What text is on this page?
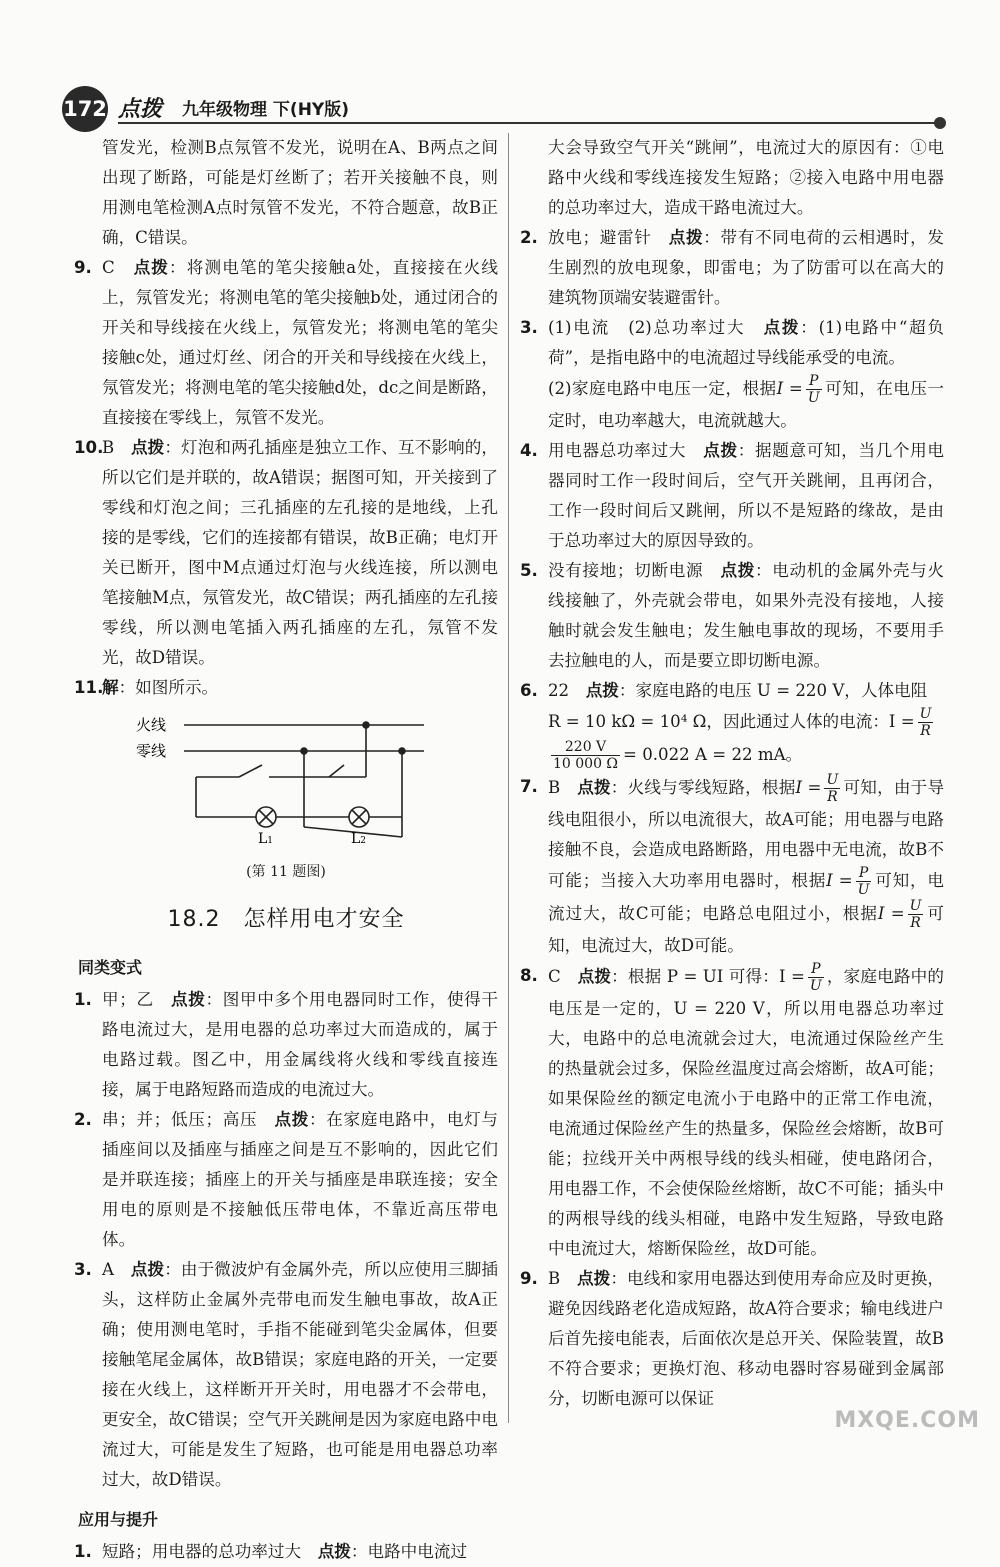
172 点拨 九年级物理 下(HY版)
管发光，检测B点氖管不发光，说明在A、B两点之间出现了断路，可能是灯丝断了；若开关接触不良，则用测电笔检测A点时氖管不发光，不符合题意，故B正确，C错误。
9. C　 点拨：将测电笔的笔尖接触a处，直接接在火线上，氖管发光；将测电笔的笔尖接触b处，通过闭合的开关和导线接在火线上，氖管发光；将测电笔的笔尖接触c处，通过灯丝、闭合的开关和导线接在火线上，氖管发光；将测电笔的笔尖接触d处，dc之间是断路，直接接在零线上，氖管不发光。
10.
B　 点拨：灯泡和两孔插座是独立工作、互不影响的，所以它们是并联的，故A错误；据图可知，开关接到了零线和灯泡之间；三孔插座的左孔接的是地线，上孔接的是零线，它们的连接都有错误，故B正确；电灯开关已断开，图中M点通过灯泡与火线连接，所以测电笔接触M点，氖管发光，故C错误；两孔插座的左孔接零线，所以测电笔插入两孔插座的左孔，氖管不发光，故D错误。
11.
解：如图所示。
火线
零线
L1	L2
(第 11 题图)
18.2　怎样用电才安全
同类变式
1. 甲；乙　 点拨：图甲中多个用电器同时工作，使得干路电流过大，是用电器的总功率过大而造成的，属于电路过载。图乙中，用金属线将火线和零线直接连接，属于电路短路而造成的电流过大。
2. 串；并；低压；高压　 点拨：在家庭电路中，电灯与插座间以及插座与插座之间是互不影响的，因此它们是并联连接；插座上的开关与插座是串联连接；安全用电的原则是不接触低压带电体，不靠近高压带电体。
3. A　 点拨：由于微波炉有金属外壳，所以应使用三脚插头，这样防止金属外壳带电而发生触电事故，故A正确；使用测电笔时，手指不能碰到笔尖金属体，但要接触笔尾金属体，故B错误；家庭电路的开关，一定要接在火线上，这样断开开关时，用电器才不会带电，更安全，故C错误；空气开关跳闸是因为家庭电路中电流过大，可能是发生了短路，也可能是用电器总功率过大，故D错误。
应用与提升
1. 短路；用电器的总功率过大　 点拨：电路中电流过
大会导致空气开关“跳闸”，电流过大的原因有：①电路中火线和零线连接发生短路；②接入电路中用电器的总功率过大，造成干路电流过大。
2. 放电；避雷针　 点拨：带有不同电荷的云相遇时，发生剧烈的放电现象，即雷电；为了防雷可以在高大的建筑物顶端安装避雷针。
3. (1)电流　(2)总功率过大　 点拨：(1)电路中“超负荷”，是指电路中的电流超过导线能承受的电流。
(2)家庭电路中电压一定，根据$I = \frac{P}{U}$ 可知，在电压一定时，电功率越大，电流就越大。
4. 用电器总功率过大　 点拨：据题意可知，当几个用电器同时工作一段时间后，空气开关跳闸，且再闭合，工作一段时间后又跳闸，所以不是短路的缘故，是由于总功率过大的原因导致的。
5. 没有接地；切断电源　 点拨：电动机的金属外壳与火线接触了，外壳就会带电，如果外壳没有接地，人接触时就会发生触电；发生触电事故的现场，不要用手去拉触电的人，而是要立即切断电源。
6. 22　 点拨：家庭电路的电压 U = 220 V，人体电阻
R = 10 kΩ = 10⁴ Ω，因此通过人体的电流：$I = \frac{U}{R}$

$\frac{220 V}{10 000 \Omega} = 0.022$ A = 22 mA。
7. B　 点拨：火线与零线短路，根据$I = \frac{U}{R}$ 可知，由于导线电阻很小，所以电流很大，故A可能；用电器与电路接触不良，会造成电路断路，用电器中无电流，故B不可能；当接入大功率用电器时，根据$I = \frac{P}{U}$ 可知，电流过大，故C可能；电路总电阻过小，根据$I = \frac{U}{R}$ 可知，电流过大，故D可能。
8. C　 点拨：根据 P = UI 可得：$I = \frac{P}{U}$ ，家庭电路中的电压是一定的，U = 220 V，所以用电器总功率过大，电路中的总电流就会过大，电流通过保险丝产生的热量就会过多，保险丝温度过高会熔断，故A可能；如果保险丝的额定电流小于电路中的正常工作电流，电流通过保险丝产生的热量多，保险丝会熔断，故B可能；拉线开关中两根导线的线头相碰，使电路闭合，用电器工作，不会使保险丝熔断，故C不可能；插头中的两根导线的线头相碰，电路中发生短路，导致电路中电流过大，熔断保险丝，故D可能。
9. B　 点拨：电线和家用电器达到使用寿命应及时更换，避免因线路老化造成短路，故A符合要求；输电线进户后首先接电能表，后面依次是总开关、保险装置，故B不符合要求；更换灯泡、移动电器时容易碰到金属部分，切断电源可以保证
MXQE.COM
